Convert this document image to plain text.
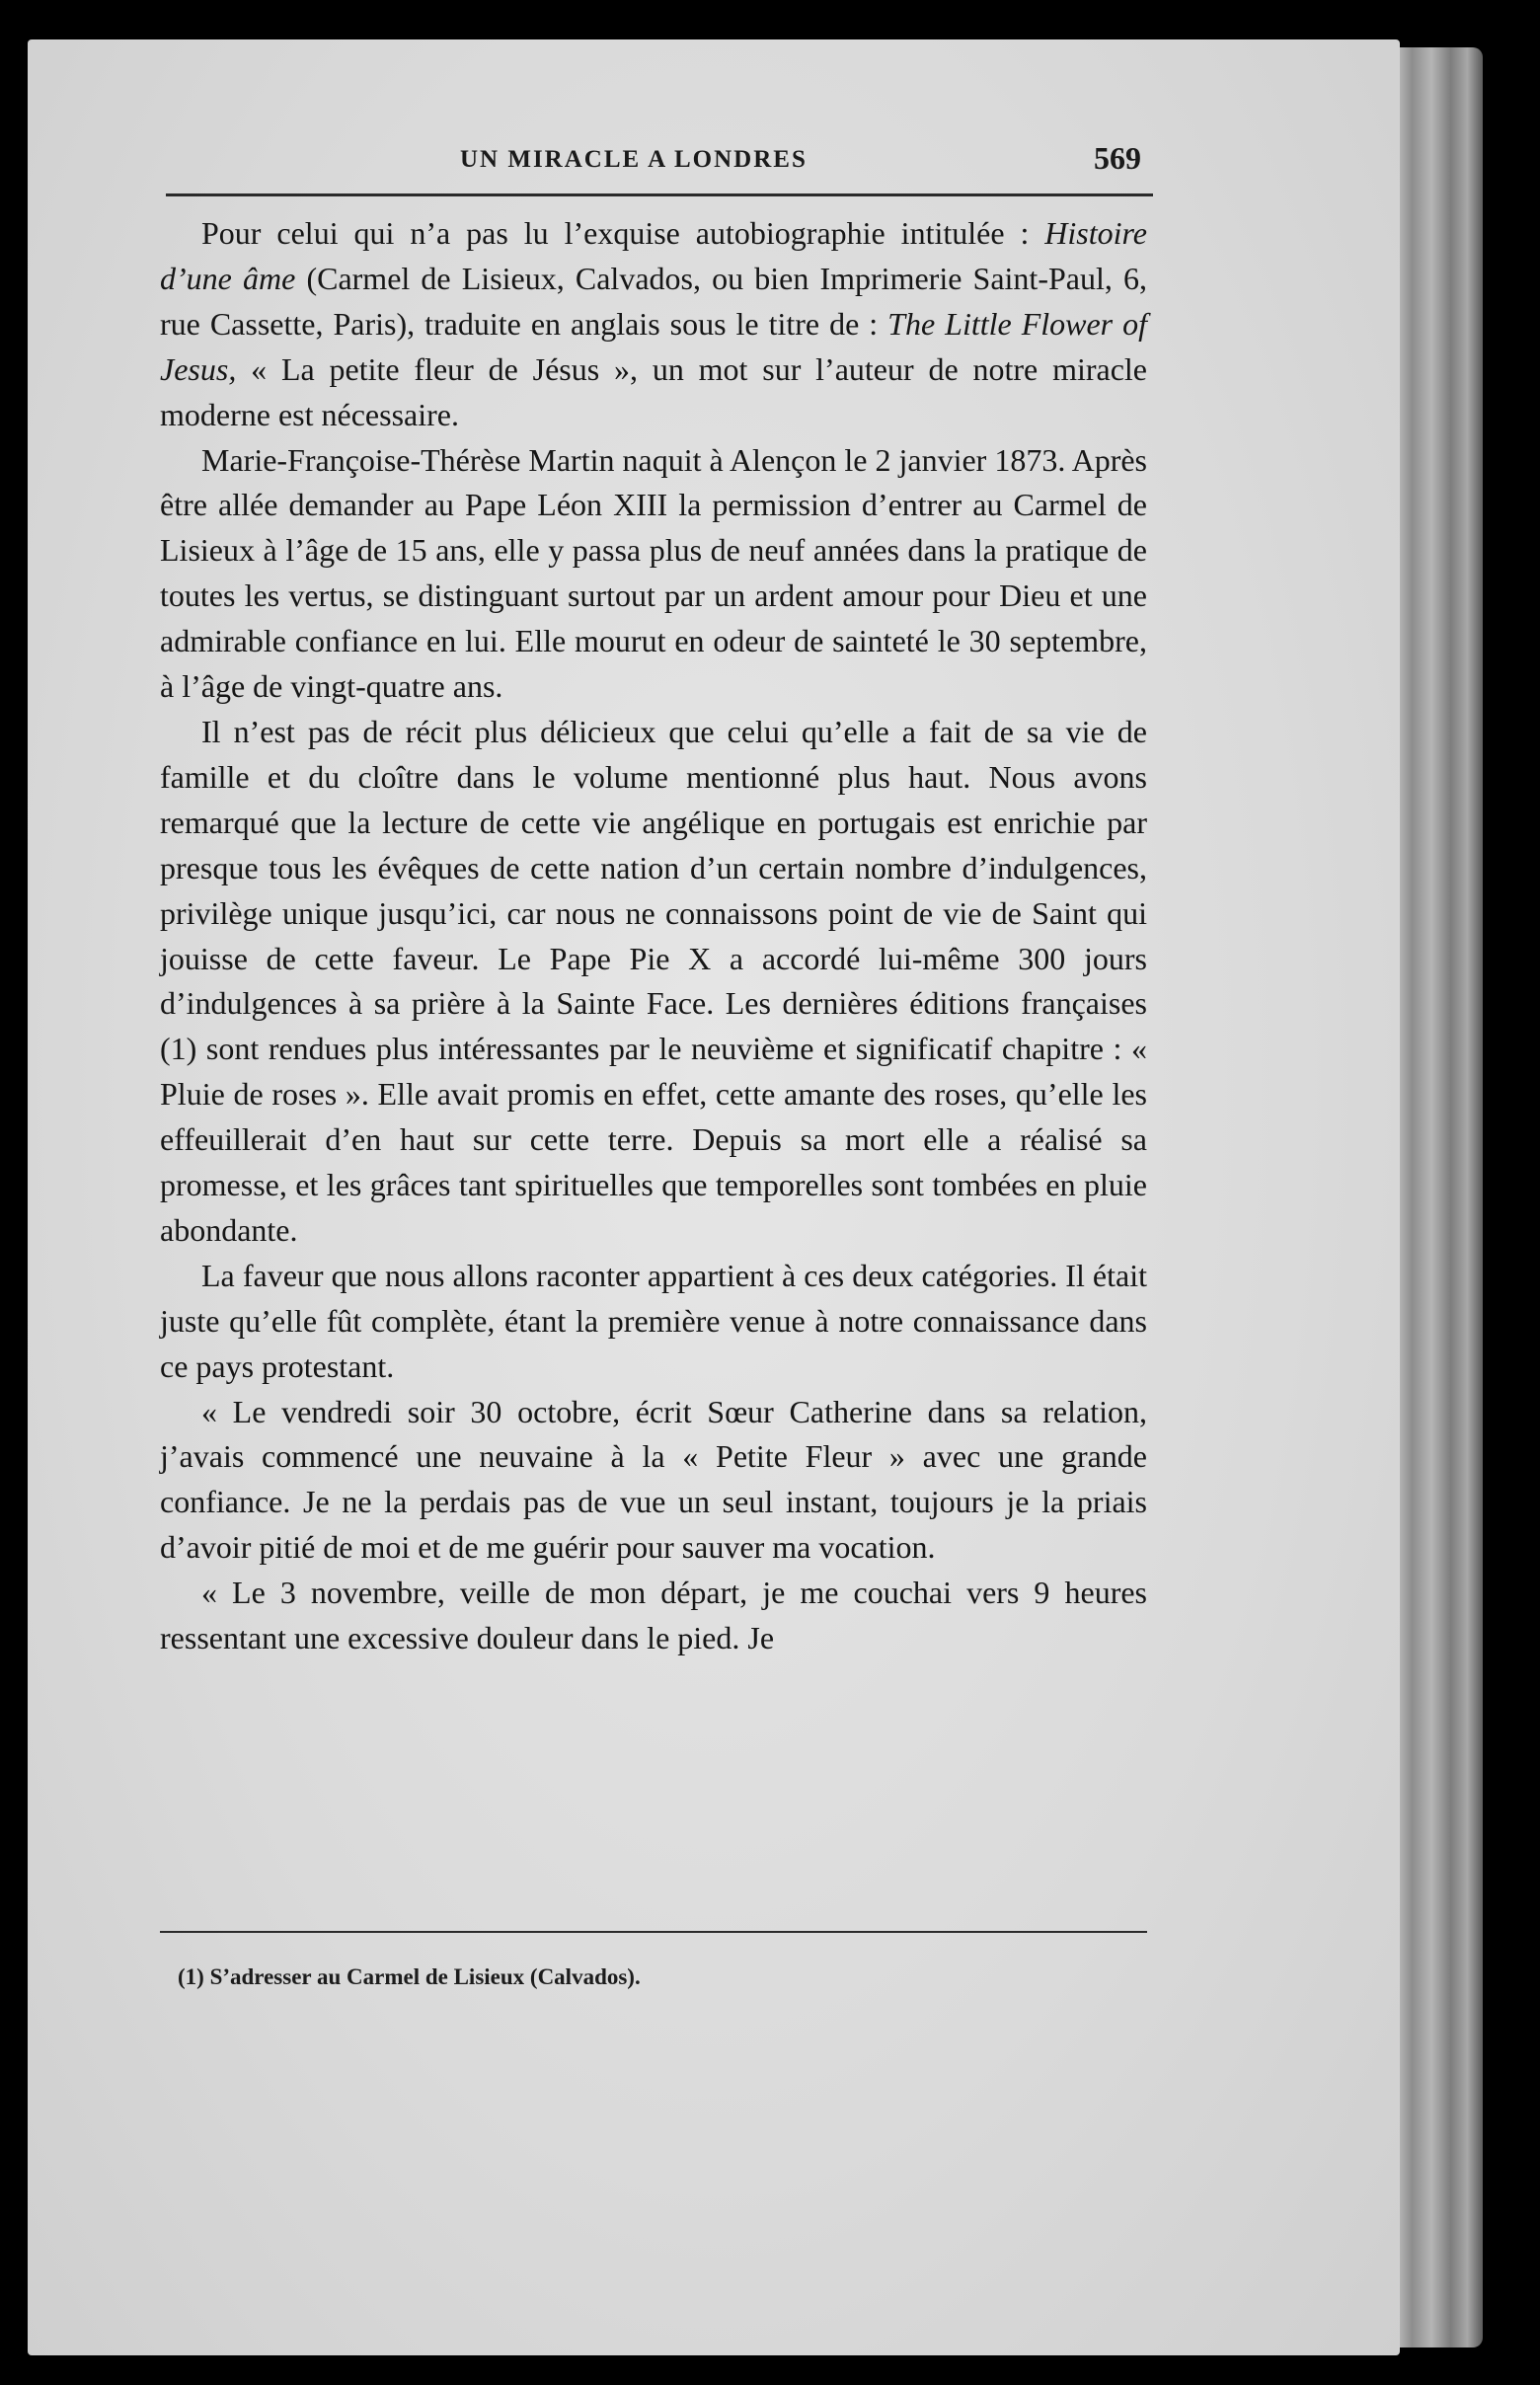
UN MIRACLE A LONDRES	569

Pour celui qui n’a pas lu l’exquise autobiographie intitulée : Histoire d’une âme (Carmel de Lisieux, Calvados, ou bien Imprimerie Saint-Paul, 6, rue Cassette, Paris), traduite en anglais sous le titre de : The Little Flower of Jesus, « La petite fleur de Jésus », un mot sur l’auteur de notre miracle moderne est nécessaire.

Marie-Françoise-Thérèse Martin naquit à Alençon le 2 janvier 1873. Après être allée demander au Pape Léon XIII la permission d’entrer au Carmel de Lisieux à l’âge de 15 ans, elle y passa plus de neuf années dans la pratique de toutes les vertus, se distinguant surtout par un ardent amour pour Dieu et une admirable confiance en lui. Elle mourut en odeur de sainteté le 30 septembre, à l’âge de vingt-quatre ans.

Il n’est pas de récit plus délicieux que celui qu’elle a fait de sa vie de famille et du cloître dans le volume mentionné plus haut. Nous avons remarqué que la lecture de cette vie angélique en portugais est enrichie par presque tous les évêques de cette nation d’un certain nombre d’indulgences, privilège unique jusqu’ici, car nous ne connaissons point de vie de Saint qui jouisse de cette faveur. Le Pape Pie X a accordé lui-même 300 jours d’indulgences à sa prière à la Sainte Face. Les dernières éditions françaises (1) sont rendues plus intéressantes par le neuvième et significatif chapitre : « Pluie de roses ». Elle avait promis en effet, cette amante des roses, qu’elle les effeuillerait d’en haut sur cette terre. Depuis sa mort elle a réalisé sa promesse, et les grâces tant spirituelles que temporelles sont tombées en pluie abondante.

La faveur que nous allons raconter appartient à ces deux catégories. Il était juste qu’elle fût complète, étant la première venue à notre connaissance dans ce pays protestant.

« Le vendredi soir 30 octobre, écrit Sœur Catherine dans sa relation, j’avais commencé une neuvaine à la « Petite Fleur » avec une grande confiance. Je ne la perdais pas de vue un seul instant, toujours je la priais d’avoir pitié de moi et de me guérir pour sauver ma vocation.

« Le 3 novembre, veille de mon départ, je me couchai vers 9 heures ressentant une excessive douleur dans le pied. Je

(1) S’adresser au Carmel de Lisieux (Calvados).
